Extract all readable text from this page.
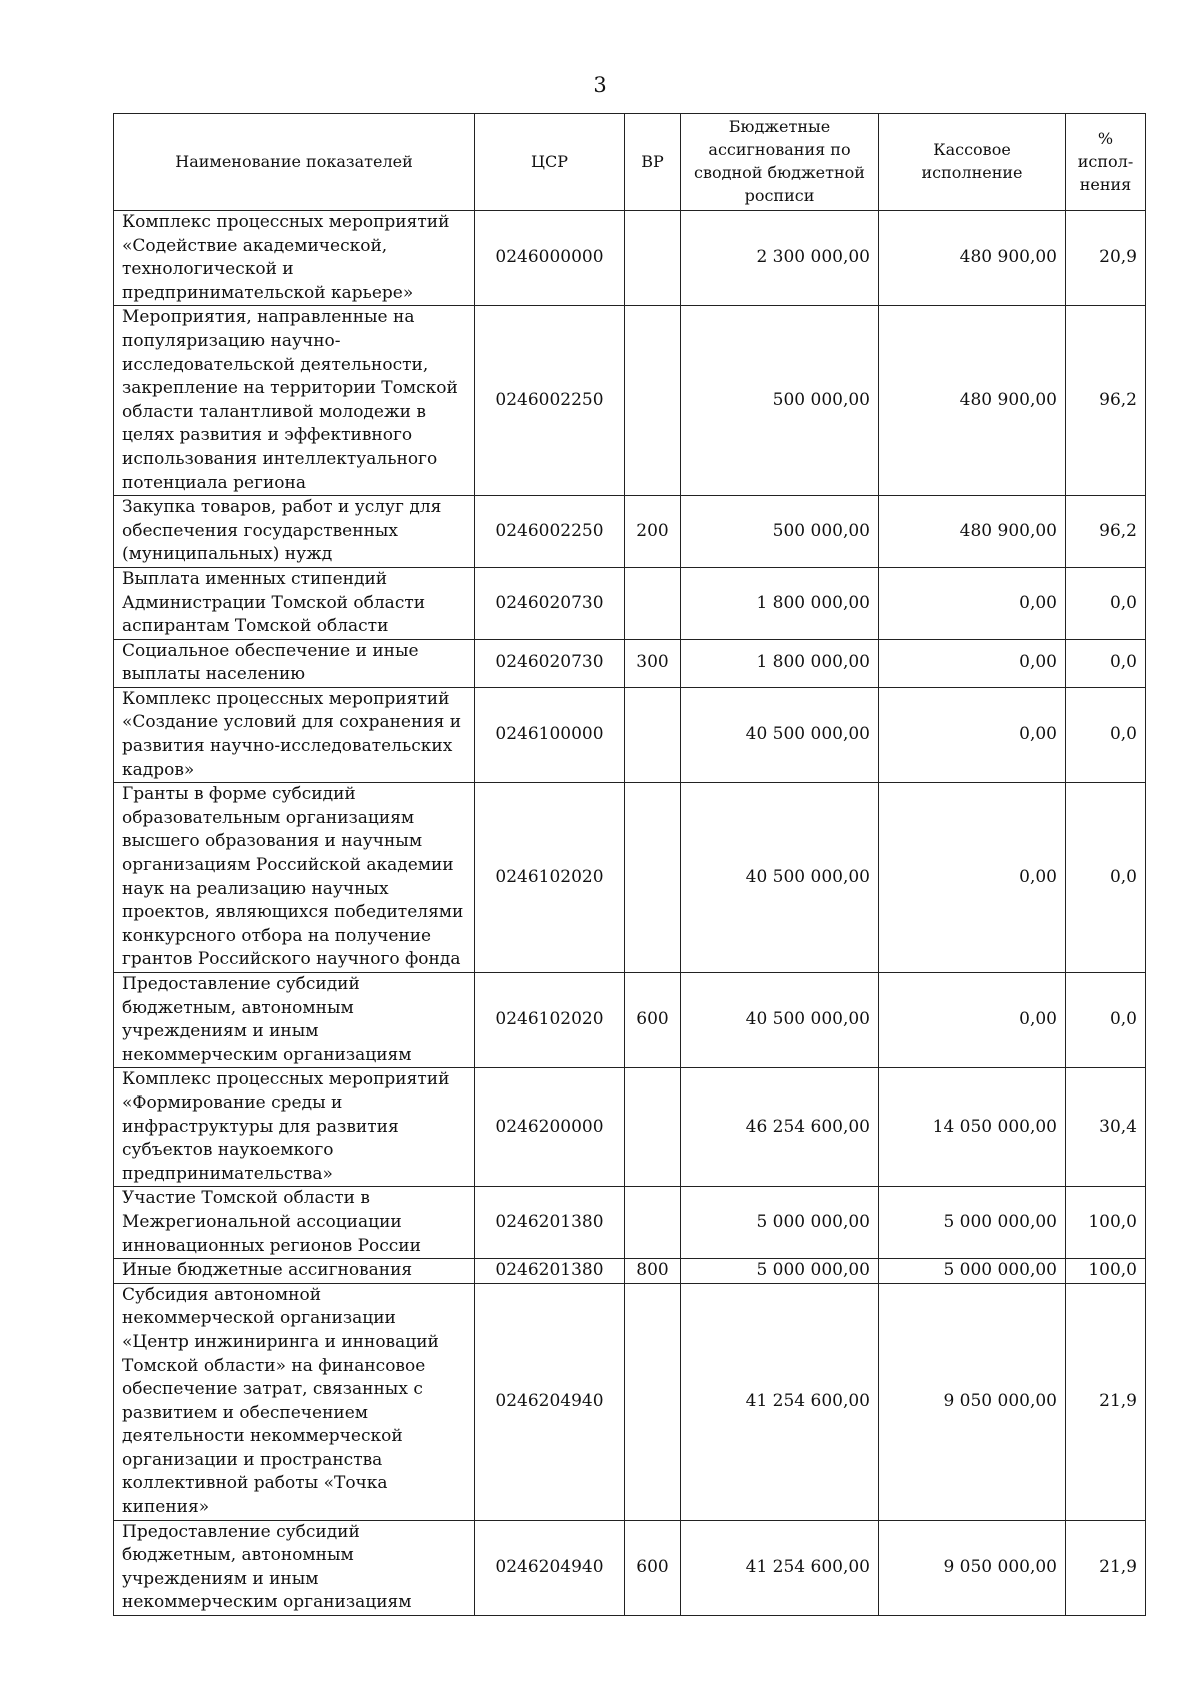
3
Наименование показателей	ЦСР	ВР	Бюджетные ассигнования по сводной бюджетной росписи	Кассовое исполнение	% испол-нения
Комплекс процессных мероприятий «Содействие академической, технологической и предпринимательской карьере»	0246000000		2 300 000,00	480 900,00	20,9
Мероприятия, направленные на популяризацию научно-исследовательской деятельности, закрепление на территории Томской области талантливой молодежи в целях развития и эффективного использования интеллектуального потенциала региона	0246002250		500 000,00	480 900,00	96,2
Закупка товаров, работ и услуг для обеспечения государственных (муниципальных) нужд	0246002250	200	500 000,00	480 900,00	96,2
Выплата именных стипендий Администрации Томской области аспирантам Томской области	0246020730		1 800 000,00	0,00	0,0
Социальное обеспечение и иные выплаты населению	0246020730	300	1 800 000,00	0,00	0,0
Комплекс процессных мероприятий «Создание условий для сохранения и развития научно-исследовательских кадров»	0246100000		40 500 000,00	0,00	0,0
Гранты в форме субсидий образовательным организациям высшего образования и научным организациям Российской академии наук на реализацию научных проектов, являющихся победителями конкурсного отбора на получение грантов Российского научного фонда	0246102020		40 500 000,00	0,00	0,0
Предоставление субсидий бюджетным, автономным учреждениям и иным некоммерческим организациям	0246102020	600	40 500 000,00	0,00	0,0
Комплекс процессных мероприятий «Формирование среды и инфраструктуры для развития субъектов наукоемкого предпринимательства»	0246200000		46 254 600,00	14 050 000,00	30,4
Участие Томской области в Межрегиональной ассоциации инновационных регионов России	0246201380		5 000 000,00	5 000 000,00	100,0
Иные бюджетные ассигнования	0246201380	800	5 000 000,00	5 000 000,00	100,0
Субсидия автономной некоммерческой организации «Центр инжиниринга и инноваций Томской области» на финансовое обеспечение затрат, связанных с развитием и обеспечением деятельности некоммерческой организации и пространства коллективной работы «Точка кипения»	0246204940		41 254 600,00	9 050 000,00	21,9
Предоставление субсидий бюджетным, автономным учреждениям и иным некоммерческим организациям	0246204940	600	41 254 600,00	9 050 000,00	21,9
